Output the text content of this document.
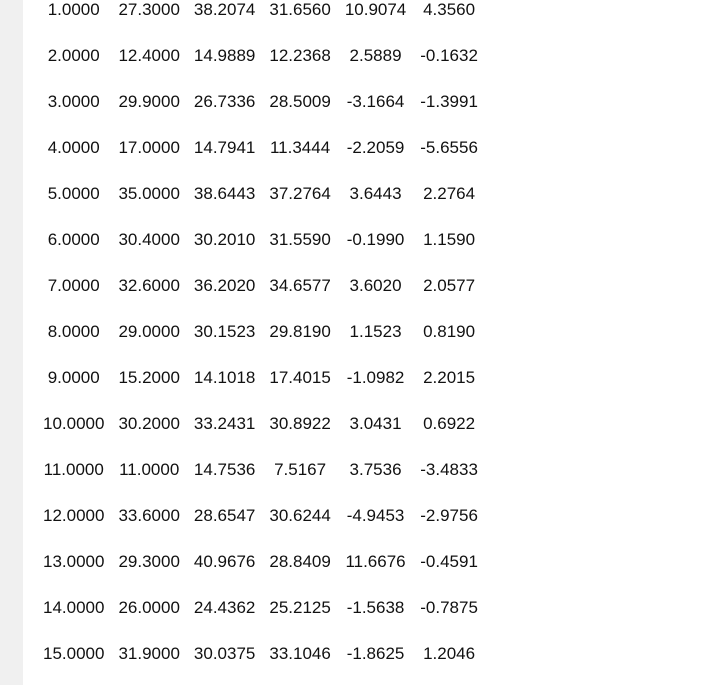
1.0000	27.3000	38.2074	31.6560	10.9074	4.3560
2.0000	12.4000	14.9889	12.2368	2.5889	-0.1632
3.0000	29.9000	26.7336	28.5009	-3.1664	-1.3991
4.0000	17.0000	14.7941	11.3444	-2.2059	-5.6556
5.0000	35.0000	38.6443	37.2764	3.6443	2.2764
6.0000	30.4000	30.2010	31.5590	-0.1990	1.1590
7.0000	32.6000	36.2020	34.6577	3.6020	2.0577
8.0000	29.0000	30.1523	29.8190	1.1523	0.8190
9.0000	15.2000	14.1018	17.4015	-1.0982	2.2015
10.0000	30.2000	33.2431	30.8922	3.0431	0.6922
11.0000	11.0000	14.7536	7.5167	3.7536	-3.4833
12.0000	33.6000	28.6547	30.6244	-4.9453	-2.9756
13.0000	29.3000	40.9676	28.8409	11.6676	-0.4591
14.0000	26.0000	24.4362	25.2125	-1.5638	-0.7875
15.0000	31.9000	30.0375	33.1046	-1.8625	1.2046
